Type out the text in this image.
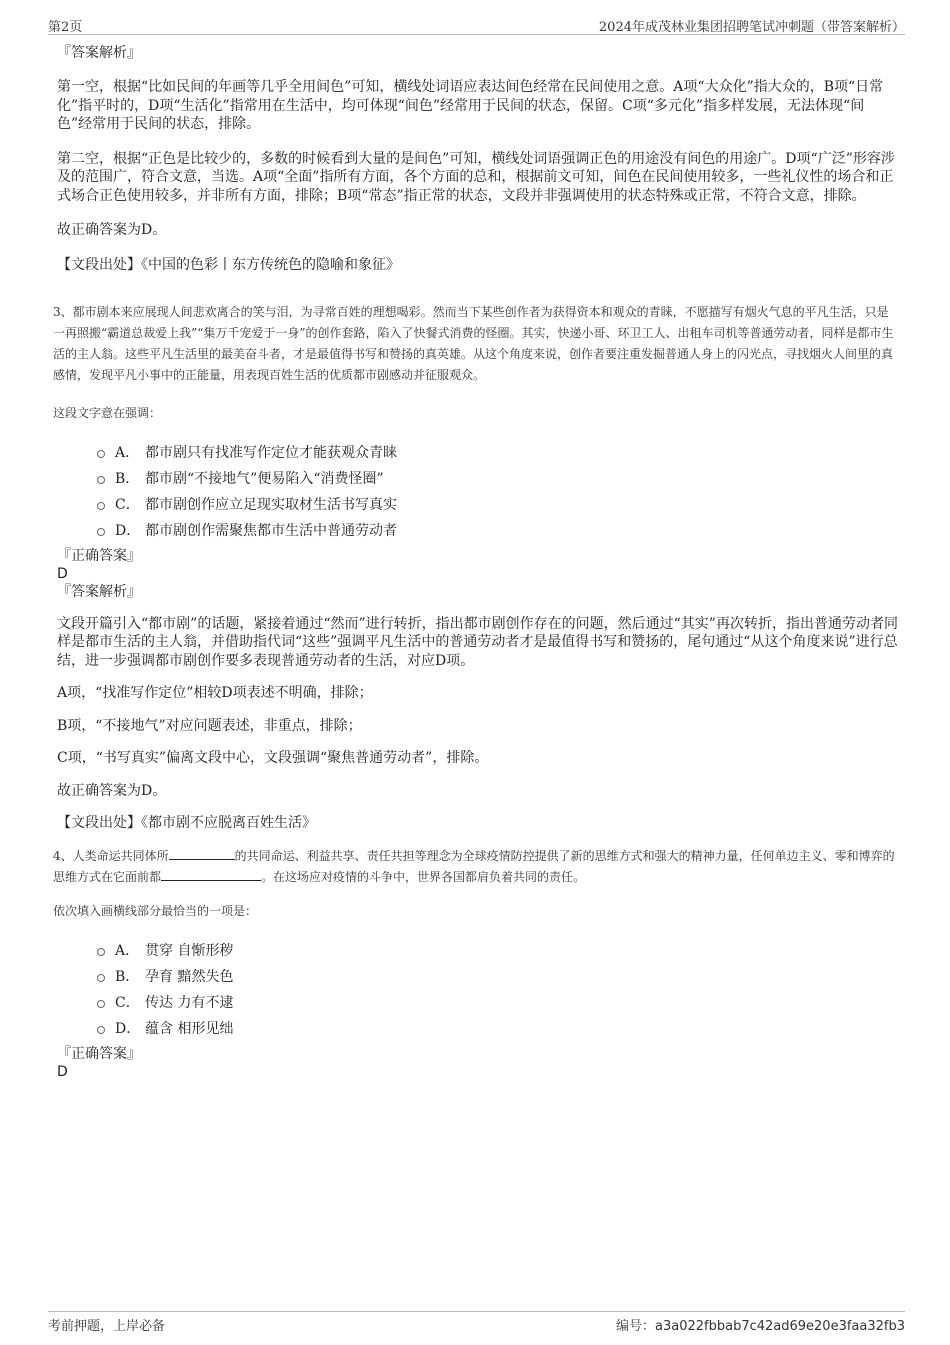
第2页	2024年成茂林业集团招聘笔试冲刺题（带答案解析）

『答案解析』

第一空，根据“比如民间的年画等几乎全用间色”可知，横线处词语应表达间色经常在民间使用之意。A项“大众化”指大众的，B项“日常化”指平时的，D项“生活化”指常用在生活中，均可体现“间色”经常用于民间的状态，保留。C项“多元化”指多样发展，无法体现“间色”经常用于民间的状态，排除。

第二空，根据“正色是比较少的，多数的时候看到大量的是间色”可知，横线处词语强调正色的用途没有间色的用途广。D项“广泛”形容涉及的范围广，符合文意，当选。A项“全面”指所有方面，各个方面的总和，根据前文可知，间色在民间使用较多，一些礼仪性的场合和正式场合正色使用较多，并非所有方面，排除；B项“常态”指正常的状态，文段并非强调使用的状态特殊或正常，不符合文意，排除。

故正确答案为D。

【文段出处】《中国的色彩丨东方传统色的隐喻和象征》

3、都市剧本来应展现人间悲欢离合的笑与泪，为寻常百姓的理想喝彩。然而当下某些创作者为获得资本和观众的青睐，不愿描写有烟火气息的平凡生活，只是一再照搬“霸道总裁爱上我”“集万千宠爱于一身”的创作套路，陷入了快餐式消费的怪圈。其实，快递小哥、环卫工人、出租车司机等普通劳动者，同样是都市生活的主人翁。这些平凡生活里的最美奋斗者，才是最值得书写和赞扬的真英雄。从这个角度来说，创作者要注重发掘普通人身上的闪光点，寻找烟火人间里的真感情，发现平凡小事中的正能量，用表现百姓生活的优质都市剧感动并征服观众。

这段文字意在强调：

A． 都市剧只有找准写作定位才能获观众青睐
B． 都市剧“不接地气”便易陷入“消费怪圈”
C． 都市剧创作应立足现实取材生活书写真实
D． 都市剧创作需聚焦都市生活中普通劳动者

『正确答案』

D

『答案解析』

文段开篇引入“都市剧”的话题，紧接着通过“然而”进行转折，指出都市剧创作存在的问题，然后通过“其实”再次转折，指出普通劳动者同样是都市生活的主人翁，并借助指代词“这些”强调平凡生活中的普通劳动者才是最值得书写和赞扬的，尾句通过“从这个角度来说”进行总结，进一步强调都市剧创作要多表现普通劳动者的生活，对应D项。

A项，“找准写作定位”相较D项表述不明确，排除；

B项，“不接地气”对应问题表述，非重点，排除；

C项，“书写真实”偏离文段中心，文段强调“聚焦普通劳动者”，排除。

故正确答案为D。

【文段出处】《都市剧不应脱离百姓生活》

4、人类命运共同体所	的共同命运、利益共享、责任共担等理念为全球疫情防控提供了新的思维方式和强大的精神力量，任何单边主义、零和博弈的思维方式在它面前都	。在这场应对疫情的斗争中，世界各国都肩负着共同的责任。

依次填入画横线部分最恰当的一项是：

A． 贯穿 自惭形秽
B． 孕育 黯然失色
C． 传达 力有不逮
D． 蕴含 相形见绌

『正确答案』

D

考前押题，上岸必备	编号：a3a022fbbab7c42ad69e20e3faa32fb3
